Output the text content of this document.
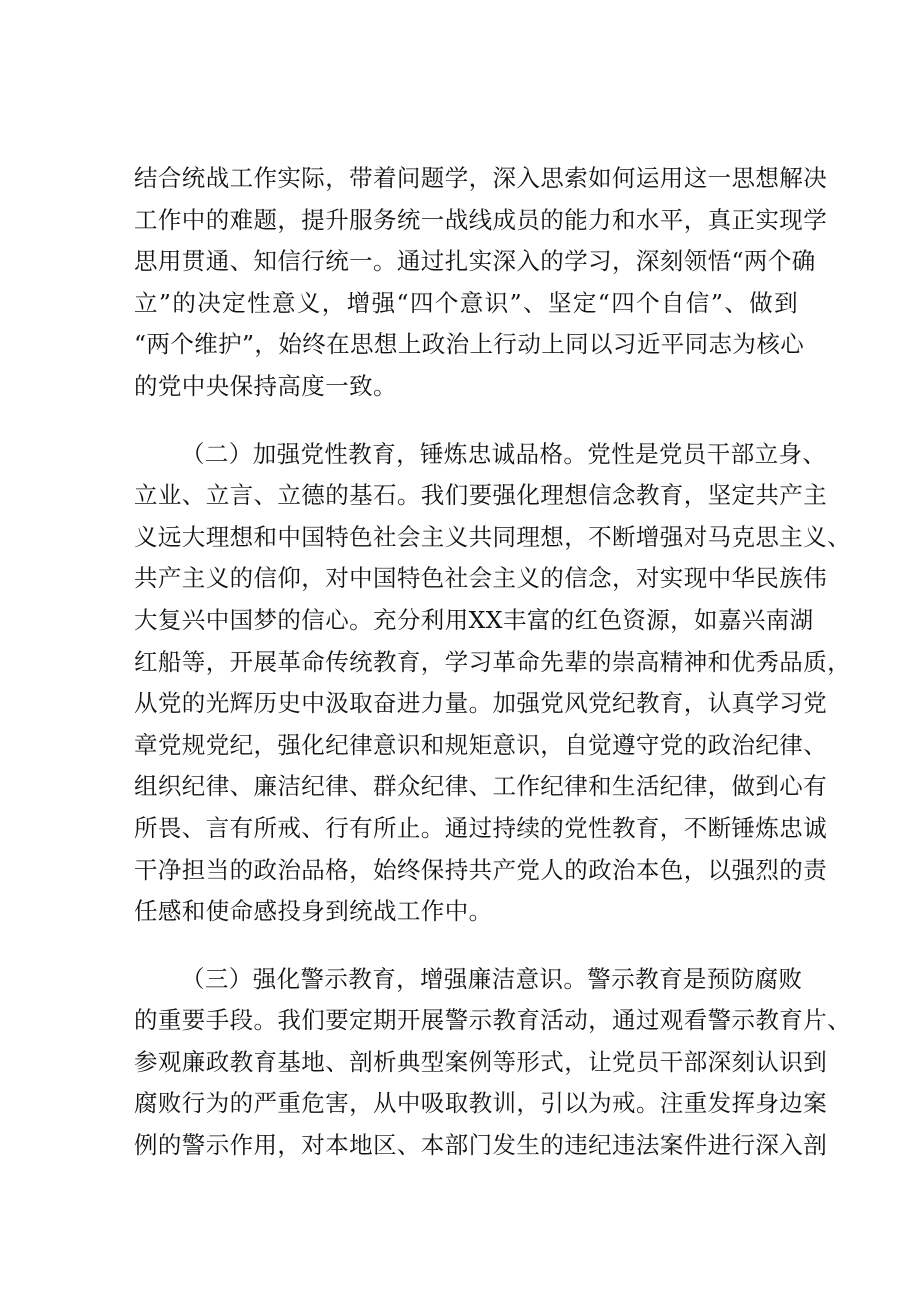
结合统战工作实际，带着问题学，深入思索如何运用这一思想解决
工作中的难题，提升服务统一战线成员的能力和水平，真正实现学
思用贯通、知信行统一。通过扎实深入的学习，深刻领悟“两个确
立”的决定性意义，增强“四个意识”、坚定“四个自信”、做到
“两个维护”，始终在思想上政治上行动上同以习近平同志为核心
的党中央保持高度一致。
（二）加强党性教育，锤炼忠诚品格。党性是党员干部立身、
立业、立言、立德的基石。我们要强化理想信念教育，坚定共产主
义远大理想和中国特色社会主义共同理想，不断增强对马克思主义、
共产主义的信仰，对中国特色社会主义的信念，对实现中华民族伟
大复兴中国梦的信心。充分利用XX丰富的红色资源，如嘉兴南湖
红船等，开展革命传统教育，学习革命先辈的崇高精神和优秀品质，
从党的光辉历史中汲取奋进力量。加强党风党纪教育，认真学习党
章党规党纪，强化纪律意识和规矩意识，自觉遵守党的政治纪律、
组织纪律、廉洁纪律、群众纪律、工作纪律和生活纪律，做到心有
所畏、言有所戒、行有所止。通过持续的党性教育，不断锤炼忠诚
干净担当的政治品格，始终保持共产党人的政治本色，以强烈的责
任感和使命感投身到统战工作中。
（三）强化警示教育，增强廉洁意识。警示教育是预防腐败
的重要手段。我们要定期开展警示教育活动，通过观看警示教育片、
参观廉政教育基地、剖析典型案例等形式，让党员干部深刻认识到
腐败行为的严重危害，从中吸取教训，引以为戒。注重发挥身边案
例的警示作用，对本地区、本部门发生的违纪违法案件进行深入剖
